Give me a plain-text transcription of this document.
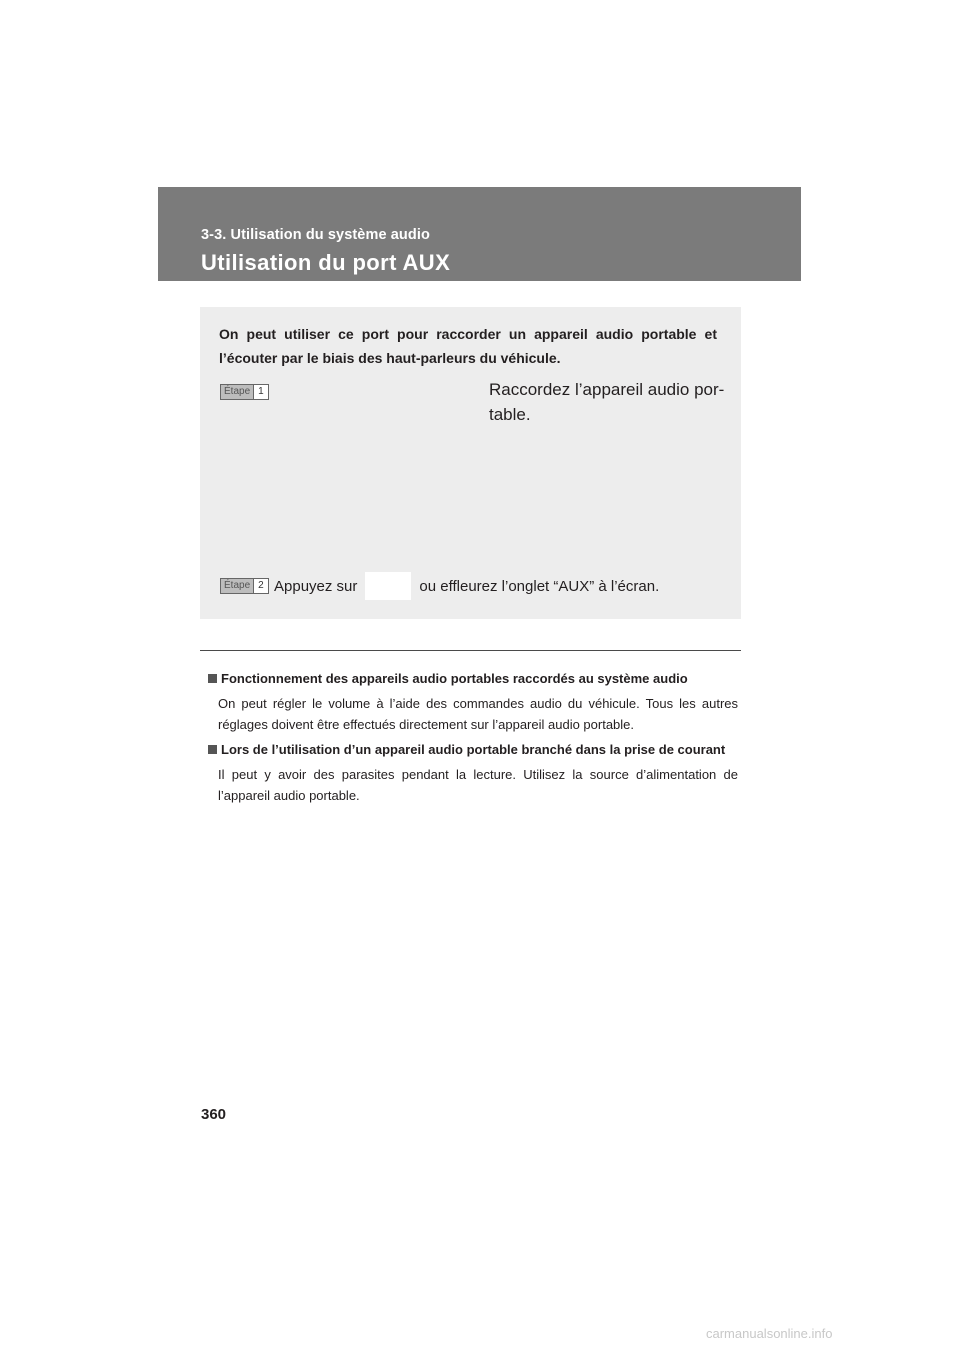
3-3. Utilisation du système audio
Utilisation du port AUX
On peut utiliser ce port pour raccorder un appareil audio portable et l’écouter par le biais des haut-parleurs du véhicule.
Étape 1	Raccordez l’appareil audio por-table.
Étape 2 Appuyez sur	ou effleurez l’onglet “AUX” à l’écran.
Fonctionnement des appareils audio portables raccordés au système audio
On peut régler le volume à l’aide des commandes audio du véhicule. Tous les autres réglages doivent être effectués directement sur l’appareil audio portable.
Lors de l’utilisation d’un appareil audio portable branché dans la prise de courant
Il peut y avoir des parasites pendant la lecture. Utilisez la source d’alimentation de l’appareil audio portable.
360
carmanualsonline.info
